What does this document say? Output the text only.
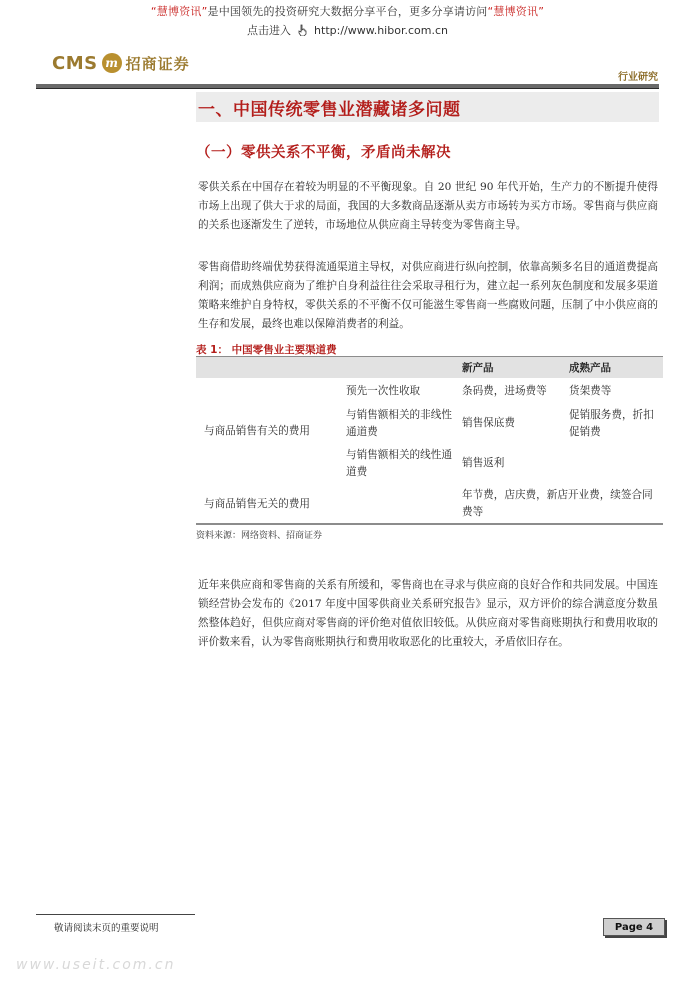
“慧博资讯”是中国领先的投资研究大数据分享平台，更多分享请访问“慧博资讯”
点击进入 http://www.hibor.com.cn
CMS m 招商证券
行业研究
一、中国传统零售业潜藏诸多问题
（一）零供关系不平衡，矛盾尚未解决
零供关系在中国存在着较为明显的不平衡现象。自 20 世纪 90 年代开始，生产力的不断提升使得市场上出现了供大于求的局面，我国的大多数商品逐渐从卖方市场转为买方市场。零售商与供应商的关系也逐渐发生了逆转，市场地位从供应商主导转变为零售商主导。
零售商借助终端优势获得流通渠道主导权，对供应商进行纵向控制，依靠高频多名目的通道费提高利润；而成熟供应商为了维护自身利益往往会采取寻租行为，建立起一系列灰色制度和发展多渠道策略来维护自身特权，零供关系的不平衡不仅可能滋生零售商一些腐败问题，压制了中小供应商的生存和发展，最终也难以保障消费者的利益。
表 1： 中国零售业主要渠道费
新产品	成熟产品
与商品销售有关的费用
与商品销售无关的费用
预先一次性收取
与销售额相关的非线性通道费
与销售额相关的线性通道费
条码费，进场费等
销售保底费
销售返利
货架费等
促销服务费，折扣促销费
年节费，店庆费，新店开业费，续签合同费等
资料来源：网络资料、招商证券
近年来供应商和零售商的关系有所缓和，零售商也在寻求与供应商的良好合作和共同发展。中国连锁经营协会发布的《2017 年度中国零供商业关系研究报告》显示，双方评价的综合满意度分数虽然整体趋好，但供应商对零售商的评价绝对值依旧较低。从供应商对零售商账期执行和费用收取的评价数来看，认为零售商账期执行和费用收取恶化的比重较大，矛盾依旧存在。
敬请阅读末页的重要说明	Page 4
www.useit.com.cn
